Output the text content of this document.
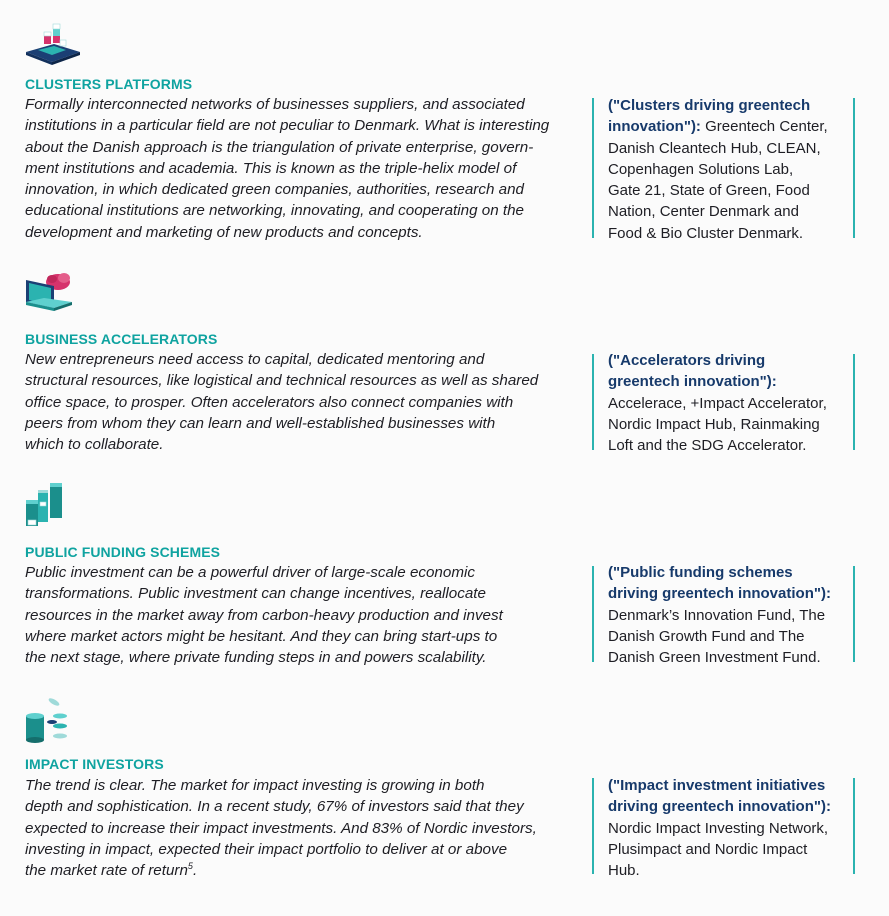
CLUSTERS PLATFORMS
Formally interconnected networks of businesses suppliers, and associated
institutions in a particular field are not peculiar to Denmark. What is interesting
about the Danish approach is the triangulation of private enterprise, govern-
ment institutions and academia. This is known as the triple-helix model of
innovation, in which dedicated green companies, authorities, research and
educational institutions are networking, innovating, and cooperating on the
development and marketing of new products and concepts.
("Clusters driving greentech
innovation"): Greentech Center,
Danish Cleantech Hub, CLEAN,
Copenhagen Solutions Lab,
Gate 21, State of Green, Food
Nation, Center Denmark and
Food & Bio Cluster Denmark.
BUSINESS ACCELERATORS
New entrepreneurs need access to capital, dedicated mentoring and
structural resources, like logistical and technical resources as well as shared
office space, to prosper. Often accelerators also connect companies with
peers from whom they can learn and well-established businesses with
which to collaborate.
("Accelerators driving
greentech innovation"):
Accelerace, +Impact Accelerator,
Nordic Impact Hub, Rainmaking
Loft and the SDG Accelerator.
PUBLIC FUNDING SCHEMES
Public investment can be a powerful driver of large-scale economic
transformations. Public investment can change incentives, reallocate
resources in the market away from carbon-heavy production and invest
where market actors might be hesitant. And they can bring start-ups to
the next stage, where private funding steps in and powers scalability.
("Public funding schemes
driving greentech innovation"):
Denmark’s Innovation Fund, The
Danish Growth Fund and The
Danish Green Investment Fund.
IMPACT INVESTORS
The trend is clear. The market for impact investing is growing in both
depth and sophistication. In a recent study, 67% of investors said that they
expected to increase their impact investments. And 83% of Nordic investors,
investing in impact, expected their impact portfolio to deliver at or above
the market rate of return$^5$.
("Impact investment initiatives
driving greentech innovation"):
Nordic Impact Investing Network,
Plusimpact and Nordic Impact
Hub.
